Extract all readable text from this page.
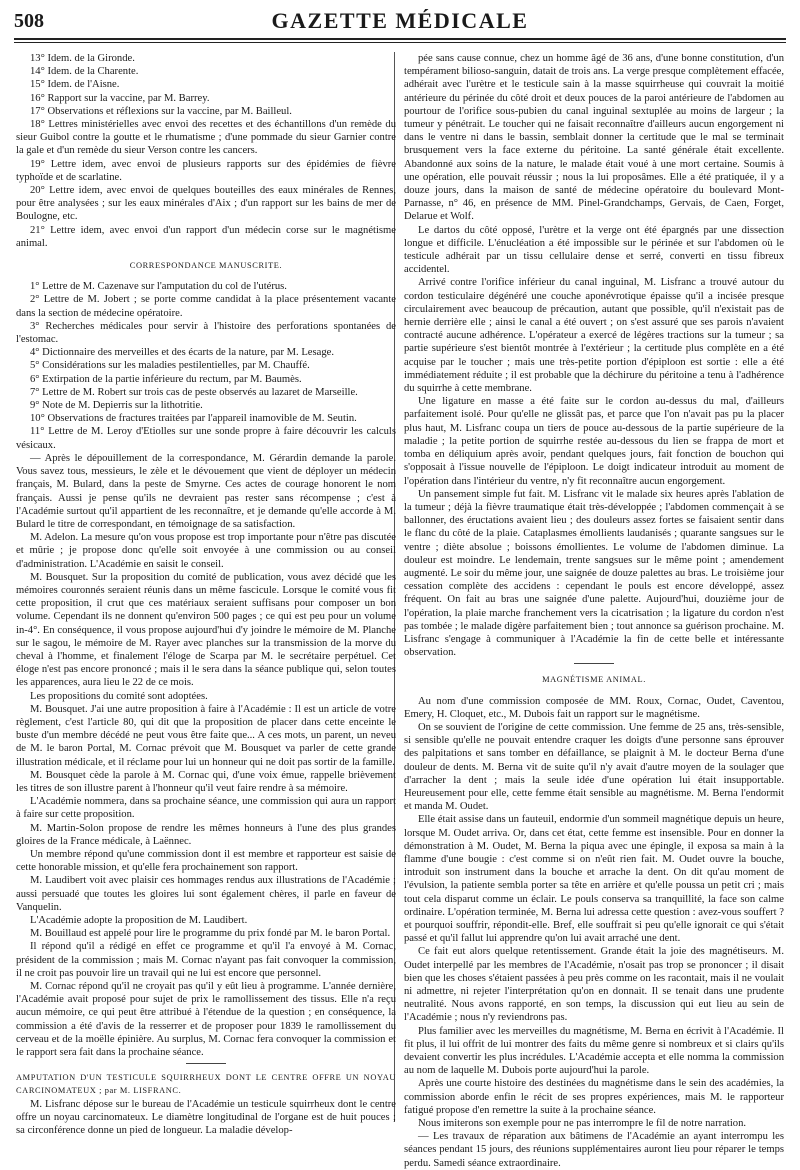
508	GAZETTE MÉDICALE

13° Idem. de la Gironde.

14° Idem. de la Charente.

15° Idem. de l'Aisne.

16° Rapport sur la vaccine, par M. Barrey.

17° Observations et réflexions sur la vaccine, par M. Bailleul.

18° Lettres ministérielles avec envoi des recettes et des échantillons d'un remède du sieur Guibol contre la goutte et le rhumatisme ; d'une pommade du sieur Garnier contre la gale et d'un remède du sieur Verson contre les cancers.

19° Lettre idem, avec envoi de plusieurs rapports sur des épidémies de fièvre typhoïde et de scarlatine.

20° Lettre idem, avec envoi de quelques bouteilles des eaux minérales de Rennes, pour être analysées ; sur les eaux minérales d'Aix ; d'un rapport sur les bains de mer de Boulogne, etc.

21° Lettre idem, avec envoi d'un rapport d'un médecin corse sur le magnétisme animal.

CORRESPONDANCE MANUSCRITE.

1° Lettre de M. Cazenave sur l'amputation du col de l'utérus.

2° Lettre de M. Jobert ; se porte comme candidat à la place présentement vacante dans la section de médecine opératoire.

3° Recherches médicales pour servir à l'histoire des perforations spontanées de l'estomac.

4° Dictionnaire des merveilles et des écarts de la nature, par M. Lesage.

5° Considérations sur les maladies pestilentielles, par M. Chauffé.

6° Extirpation de la partie inférieure du rectum, par M. Baumès.

7° Lettre de M. Robert sur trois cas de peste observés au lazaret de Marseille.

9° Note de M. Depierris sur la lithotritie.

10° Observations de fractures traitées par l'appareil inamovible de M. Seutin.

11° Lettre de M. Leroy d'Etiolles sur une sonde propre à faire découvrir les calculs vésicaux.

— Après le dépouillement de la correspondance, M. Gérardin demande la parole. Vous savez tous, messieurs, le zèle et le dévouement que vient de déployer un médecin français, M. Bulard, dans la peste de Smyrne. Ces actes de courage honorent le nom français. Aussi je pense qu'ils ne devraient pas rester sans récompense ; c'est à l'Académie surtout qu'il appartient de les reconnaître, et je demande qu'elle accorde à M. Bulard le titre de correspondant, en témoignage de sa satisfaction.

M. Adelon. La mesure qu'on vous propose est trop importante pour n'être pas discutée et mûrie ; je propose donc qu'elle soit envoyée à une commission ou au conseil d'administration. L'Académie en saisit le conseil.

M. Bousquet. Sur la proposition du comité de publication, vous avez décidé que les mémoires couronnés seraient réunis dans un même fascicule. Lorsque le comité vous fit cette proposition, il crut que ces matériaux seraient suffisans pour composer un bon volume. Cependant ils ne donnent qu'environ 500 pages ; ce qui est peu pour un volume in-4°. En conséquence, il vous propose aujourd'hui d'y joindre le mémoire de M. Planche sur le sagou, le mémoire de M. Rayer avec planches sur la transmission de la morve du cheval à l'homme, et finalement l'éloge de Scarpa par M. le secrétaire perpétuel. Cet éloge n'est pas encore prononcé ; mais il le sera dans la séance publique qui, selon toutes les apparences, aura lieu le 22 de ce mois.

Les propositions du comité sont adoptées.

M. Bousquet. J'ai une autre proposition à faire à l'Académie : Il est un article de votre règlement, c'est l'article 80, qui dit que la proposition de placer dans cette enceinte le buste d'un membre décédé ne peut vous être faite que... A ces mots, un parent, un neveu de M. le baron Portal, M. Cornac prévoit que M. Bousquet va parler de cette grande illustration médicale, et il réclame pour lui un honneur qui ne doit pas sortir de la famille.

M. Bousquet cède la parole à M. Cornac qui, d'une voix émue, rappelle brièvement les titres de son illustre parent à l'honneur qu'il veut faire rendre à sa mémoire.

L'Académie nommera, dans sa prochaine séance, une commission qui aura un rapport à faire sur cette proposition.

M. Martin-Solon propose de rendre les mêmes honneurs à l'une des plus grandes gloires de la France médicale, à Laënnec.

Un membre répond qu'une commission dont il est membre et rapporteur est saisie de cette honorable mission, et qu'elle fera prochainement son rapport.

M. Laudibert voit avec plaisir ces hommages rendus aux illustrations de l'Académie ; aussi persuadé que toutes les gloires lui sont également chères, il parle en faveur de Vanquelin.

L'Académie adopte la proposition de M. Laudibert.

M. Bouillaud est appelé pour lire le programme du prix fondé par M. le baron Portal.

Il répond qu'il a rédigé en effet ce programme et qu'il l'a envoyé à M. Cornac, président de la commission ; mais M. Cornac n'ayant pas fait convoquer la commission, il ne croit pas pouvoir lire un travail qui ne lui est encore que personnel.

M. Cornac répond qu'il ne croyait pas qu'il y eût lieu à programme. L'année dernière, l'Académie avait proposé pour sujet de prix le ramollissement des tissus. Elle n'a reçu aucun mémoire, ce qui peut être attribué à l'étendue de la question ; en conséquence, la commission a été d'avis de la resserrer et de proposer pour 1839 le ramollissement du cerveau et de la moëlle épinière. Au surplus, M. Cornac fera convoquer la commission et le rapport sera fait dans la prochaine séance.

AMPUTATION D'UN TESTICULE SQUIRRHEUX DONT LE CENTRE OFFRE UN NOYAU CARCINOMATEUX ; par M. LISFRANC.

M. Lisfranc dépose sur le bureau de l'Académie un testicule squirrheux dont le centre offre un noyau carcinomateux. Le diamètre longitudinal de l'organe est de huit pouces ; sa circonférence donne un pied de longueur. La maladie dévelop-

pée sans cause connue, chez un homme âgé de 36 ans, d'une bonne constitution, d'un tempérament bilioso-sanguin, datait de trois ans. La verge presque complètement effacée, adhérait avec l'urètre et le testicule sain à la masse squirrheuse qui couvrait la moitié antérieure du périnée du côté droit et deux pouces de la paroi antérieure de l'abdomen au pourtour de l'orifice sous-pubien du canal inguinal sextuplée au moins de largeur ; la tumeur y pénétrait. Le toucher qui ne faisait reconnaître d'ailleurs aucun engorgement ni dans le ventre ni dans le bassin, semblait donner la certitude que le mal se terminait brusquement vers la face externe du péritoine. La santé générale était excellente. Abandonné aux soins de la nature, le malade était voué à une mort certaine. Soumis à une opération, elle pouvait réussir ; nous la lui proposâmes. Elle a été pratiquée, il y a douze jours, dans la maison de santé de médecine opératoire du boulevard Mont-Parnasse, n° 46, en présence de MM. Pinel-Grandchamps, Gervais, de Caen, Forget, Delarue et Wolf.

Le dartos du côté opposé, l'urètre et la verge ont été épargnés par une dissection longue et difficile. L'énucléation a été impossible sur le périnée et sur l'abdomen où le testicule adhérait par un tissu cellulaire dense et serré, converti en tissu fibreux accidentel.

Arrivé contre l'orifice inférieur du canal inguinal, M. Lisfranc a trouvé autour du cordon testiculaire dégénéré une couche aponévrotique épaisse qu'il a incisée presque circulairement avec beaucoup de précaution, autant que possible, qu'il n'existait pas de hernie derrière elle ; ainsi le canal a été ouvert ; on s'est assuré que ses parois n'avaient contracté aucune adhérence. L'opérateur a exercé de légères tractions sur la tumeur ; sa partie supérieure s'est bientôt montrée à l'extérieur ; la certitude plus complète en a été acquise par le toucher ; mais une très-petite portion d'épiploon est sortie : elle a été immédiatement réduite ; il est probable que la déchirure du péritoine a tenu à l'adhérence du squirrhe à cette membrane.

Une ligature en masse a été faite sur le cordon au-dessus du mal, d'ailleurs parfaitement isolé. Pour qu'elle ne glissât pas, et parce que l'on n'avait pas pu la placer plus haut, M. Lisfranc coupa un tiers de pouce au-dessous de la partie supérieure de la maladie ; la petite portion de squirrhe restée au-dessous du lien se frappa de mort et tomba en déliquium après avoir, pendant quelques jours, fait fonction de bouchon qui s'opposait à l'issue nouvelle de l'épiploon. Le doigt indicateur introduit au moment de l'opération dans l'intérieur du ventre, n'y fit reconnaître aucun engorgement.

Un pansement simple fut fait. M. Lisfranc vit le malade six heures après l'ablation de la tumeur ; déjà la fièvre traumatique était très-développée ; l'abdomen commençait à se ballonner, des éructations avaient lieu ; des douleurs assez fortes se faisaient sentir dans le flanc du côté de la plaie. Cataplasmes émollients laudanisés ; quarante sangsues sur le ventre ; diète absolue ; boissons émollientes. Le volume de l'abdomen diminue. La douleur est moindre. Le lendemain, trente sangsues sur le même point ; amendement augmenté. Le soir du même jour, une saignée de douze palettes au bras. Le troisième jour cessation complète des accidens : cependant le pouls est encore développé, assez fréquent. On fait au bras une saignée d'une palette. Aujourd'hui, douzième jour de l'opération, la plaie marche franchement vers la cicatrisation ; la ligature du cordon n'est pas tombée ; le malade digère parfaitement bien ; tout annonce sa guérison prochaine. M. Lisfranc s'engage à communiquer à l'Académie la fin de cette belle et intéressante observation.

MAGNÉTISME ANIMAL.

Au nom d'une commission composée de MM. Roux, Cornac, Oudet, Caventou, Emery, H. Cloquet, etc., M. Dubois fait un rapport sur le magnétisme.

On se souvient de l'origine de cette commission. Une femme de 25 ans, très-sensible, si sensible qu'elle ne pouvait entendre craquer les doigts d'une personne sans éprouver des palpitations et sans tomber en défaillance, se plaignit à M. le docteur Berna d'une douleur de dents. M. Berna vit de suite qu'il n'y avait d'autre moyen de la soulager que d'arracher la dent ; mais la seule idée d'une opération lui était insupportable. Heureusement pour elle, cette femme était sensible au magnétisme. M. Berna l'endormit et manda M. Oudet.

Elle était assise dans un fauteuil, endormie d'un sommeil magnétique depuis un heure, lorsque M. Oudet arriva. Or, dans cet état, cette femme est insensible. Pour en donner la démonstration à M. Oudet, M. Berna la piqua avec une épingle, il exposa sa main à la flamme d'une bougie : c'est comme si on n'eût rien fait. M. Oudet ouvre la bouche, introduit son instrument dans la bouche et arrache la dent. On dit qu'au moment de l'évulsion, la patiente sembla porter sa tête en arrière et qu'elle poussa un petit cri ; mais tout cela disparut comme un éclair. Le pouls conserva sa tranquillité, la face son calme ordinaire. L'opération terminée, M. Berna lui adressa cette question : avez-vous souffert ? et pourquoi souffrir, répondit-elle. Bref, elle souffrait si peu qu'elle ignorait ce qui s'était passé et qu'il fallut lui apprendre qu'on lui avait arraché une dent.

Ce fait eut alors quelque retentissement. Grande était la joie des magnétiseurs. M. Oudet interpellé par les membres de l'Académie, n'osait pas trop se prononcer ; il disait bien que les choses s'étaient passées à peu près comme on les racontait, mais il ne voulait ni admettre, ni rejeter l'interprétation qu'on en donnait. Il se tenait dans une prudente neutralité. Nous avons rapporté, en son temps, la discussion qui eut lieu au sein de l'Académie ; nous n'y reviendrons pas.

Plus familier avec les merveilles du magnétisme, M. Berna en écrivit à l'Académie. Il fit plus, il lui offrit de lui montrer des faits du même genre si nombreux et si clairs qu'ils devaient convertir les plus incrédules. L'Académie accepta et elle nomma la commission au nom de laquelle M. Dubois porte aujourd'hui la parole.

Après une courte histoire des destinées du magnétisme dans le sein des académies, la commission aborde enfin le récit de ses propres expériences, mais M. le rapporteur fatigué propose d'en remettre la suite à la prochaine séance.

Nous imiterons son exemple pour ne pas interrompre le fil de notre narration.

— Les travaux de réparation aux bâtimens de l'Académie an ayant interrompu les séances pendant 15 jours, des réunions supplémentaires auront lieu pour réparer le temps perdu. Samedi séance extraordinaire.
